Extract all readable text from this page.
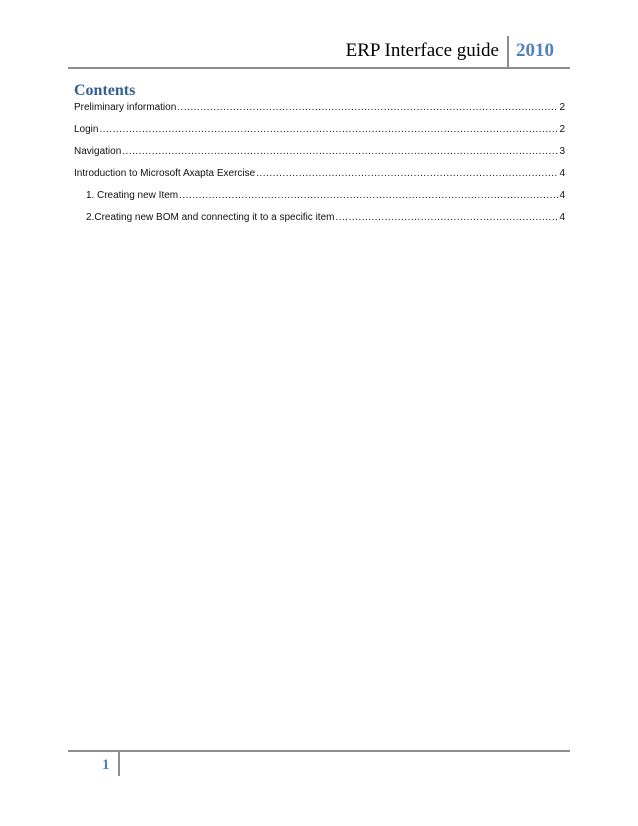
ERP Interface guide 2010
Contents
Preliminary information .....	2
Login .....	2
Navigation .....	3
Introduction to Microsoft Axapta Exercise .....	4
1. Creating new Item .....	4
2. Creating new BOM and connecting it to a specific item .....	4
1
